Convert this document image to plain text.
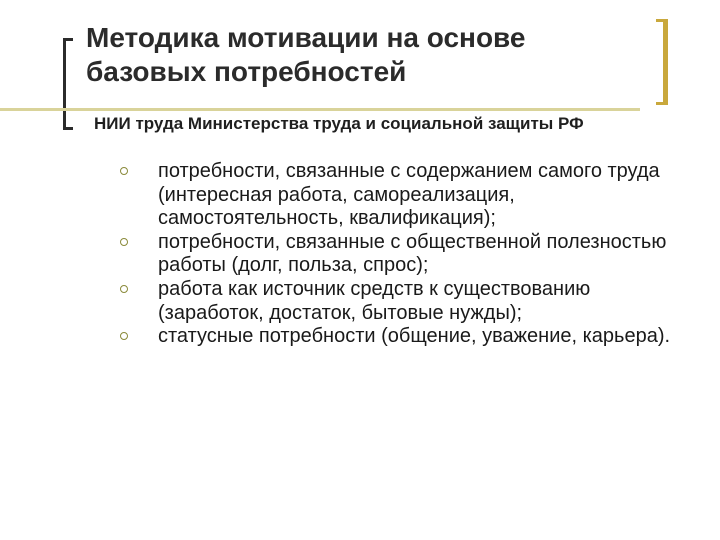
Методика мотивации на основе базовых потребностей

НИИ труда Министерства труда и социальной защиты РФ

потребности, связанные с содержанием самого труда (интересная работа, самореализация, самостоятельность, квалификация);
потребности, связанные с общественной полезностью работы (долг, польза, спрос);
работа как источник средств к существованию (заработок, достаток, бытовые нужды);
статусные потребности (общение, уважение, карьера).
